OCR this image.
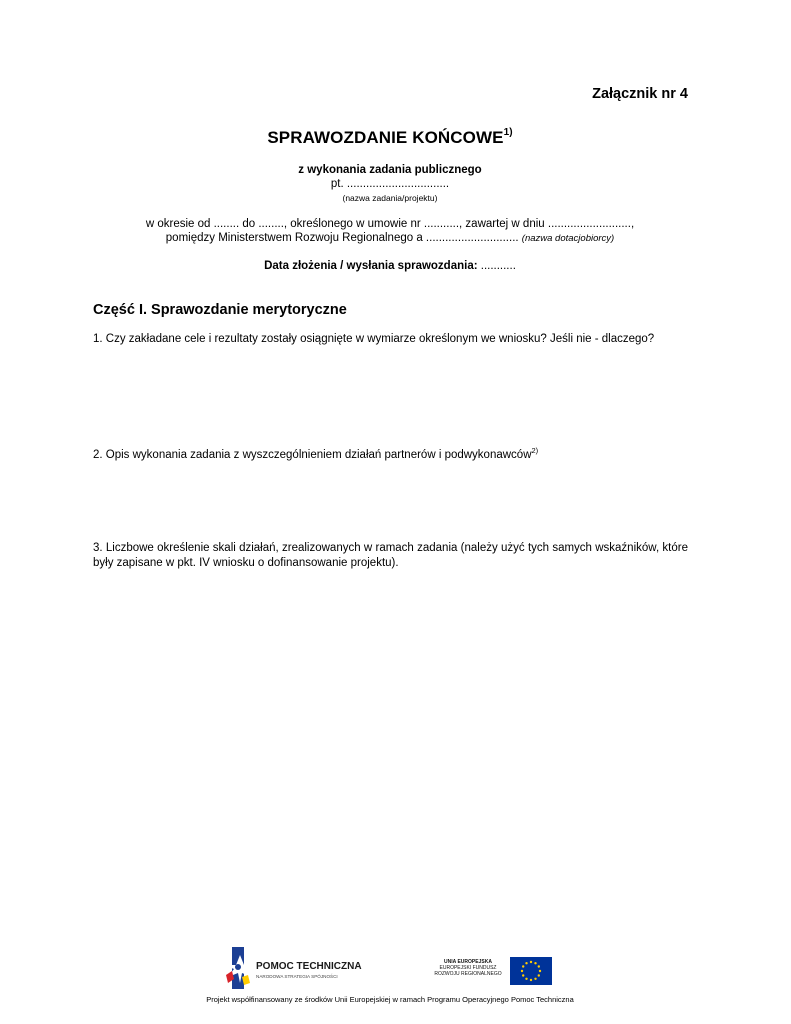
Załącznik nr 4
SPRAWOZDANIE KOŃCOWE$^{1)}$
z wykonania zadania publicznego
pt. ................................
(nazwa zadania/projektu)
w okresie od ........ do ........, określonego w umowie nr ..........., zawartej w dniu ..........................,
pomiędzy Ministerstwem Rozwoju Regionalnego a ............................. (nazwa dotacjobiorcy)
Data złożenia / wysłania sprawozdania: ...........
Część I. Sprawozdanie merytoryczne
1. Czy zakładane cele i rezultaty zostały osiągnięte w wymiarze określonym we wniosku? Jeśli nie - dlaczego?
2. Opis wykonania zadania z wyszczególnieniem działań partnerów i podwykonawców$^{2)}$
3. Liczbowe określenie skali działań, zrealizowanych w ramach zadania (należy użyć tych samych wskaźników, które były zapisane w pkt. IV wniosku o dofinansowanie projektu).
POMOC TECHNICZNA
NARODOWA STRATEGIA SPÓJNOŚCI
UNIA EUROPEJSKA
EUROPEJSKI FUNDUSZ
ROZWOJU REGIONALNEGO
Projekt współfinansowany ze środków Unii Europejskiej w ramach Programu Operacyjnego Pomoc Techniczna
